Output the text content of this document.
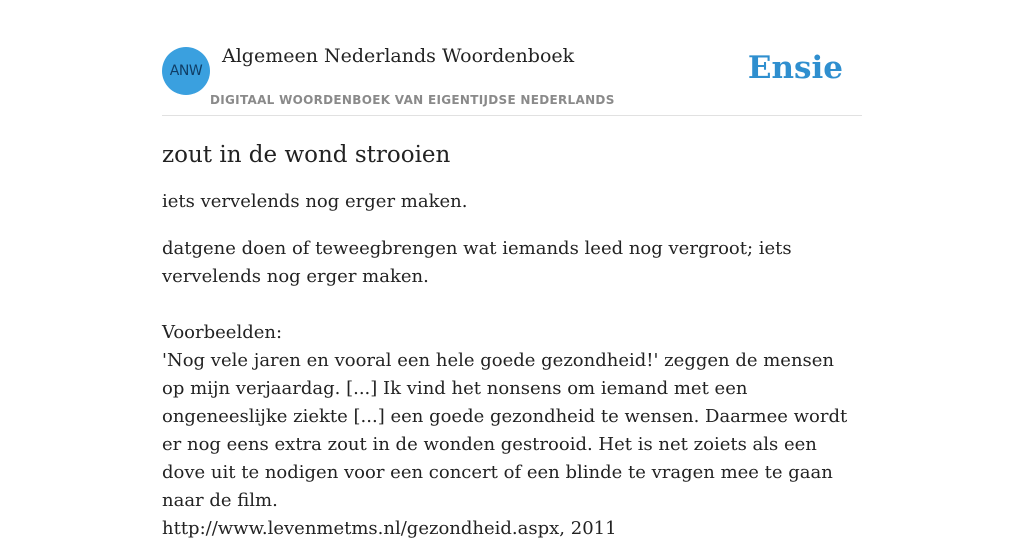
ANW
Algemeen Nederlands Woordenboek
DIGITAAL WOORDENBOEK VAN EIGENTIJDSE NEDERLANDS
Ensie
zout in de wond strooien

iets vervelends nog erger maken.

datgene doen of teweegbrengen wat iemands leed nog vergroot; iets vervelends nog erger maken.

Voorbeelden:

'Nog vele jaren en vooral een hele goede gezondheid!' zeggen de mensen op mijn verjaardag. [...] Ik vind het nonsens om iemand met een ongeneeslijke ziekte [...] een goede gezondheid te wensen. Daarmee wordt er nog eens extra zout in de wonden gestrooid. Het is net zoiets als een dove uit te nodigen voor een concert of een blinde te vragen mee te gaan naar de film.

http://www.levenmetms.nl/gezondheid.aspx, 2011
